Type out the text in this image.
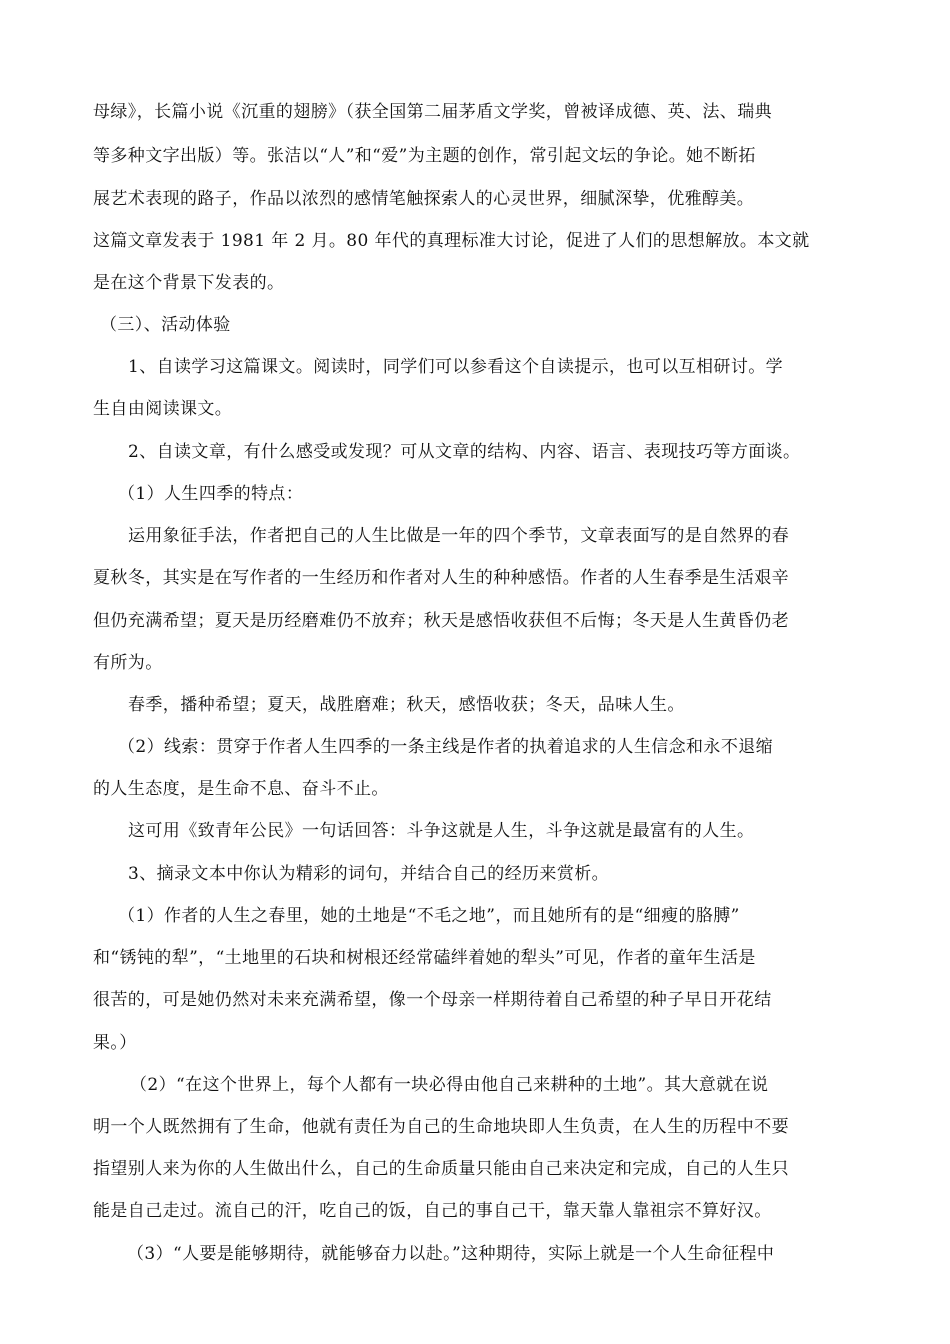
母绿》，长篇小说《沉重的翅膀》（获全国第二届茅盾文学奖，曾被译成德、英、法、瑞典
等多种文字出版）等。张洁以“人”和“爱”为主题的创作，常引起文坛的争论。她不断拓
展艺术表现的路子，作品以浓烈的感情笔触探索人的心灵世界，细腻深挚，优雅醇美。
这篇文章发表于 1981 年 2 月。80 年代的真理标准大讨论，促进了人们的思想解放。本文就
是在这个背景下发表的。
（三）、活动体验
1、自读学习这篇课文。阅读时，同学们可以参看这个自读提示，也可以互相研讨。学
生自由阅读课文。
2、自读文章，有什么感受或发现？可从文章的结构、内容、语言、表现技巧等方面谈。
（1）人生四季的特点：
运用象征手法，作者把自己的人生比做是一年的四个季节，文章表面写的是自然界的春
夏秋冬，其实是在写作者的一生经历和作者对人生的种种感悟。作者的人生春季是生活艰辛
但仍充满希望；夏天是历经磨难仍不放弃；秋天是感悟收获但不后悔；冬天是人生黄昏仍老
有所为。
春季，播种希望；夏天，战胜磨难；秋天，感悟收获；冬天，品味人生。
（2）线索：贯穿于作者人生四季的一条主线是作者的执着追求的人生信念和永不退缩
的人生态度，是生命不息、奋斗不止。
这可用《致青年公民》一句话回答：斗争这就是人生，斗争这就是最富有的人生。
3、摘录文本中你认为精彩的词句，并结合自己的经历来赏析。
（1）作者的人生之春里，她的土地是“不毛之地”，而且她所有的是“细瘦的胳膊”
和“锈钝的犁”，“土地里的石块和树根还经常磕绊着她的犁头”可见，作者的童年生活是
很苦的，可是她仍然对未来充满希望，像一个母亲一样期待着自己希望的种子早日开花结
果。）
（2）“在这个世界上，每个人都有一块必得由他自己来耕种的土地”。其大意就在说
明一个人既然拥有了生命，他就有责任为自己的生命地块即人生负责，在人生的历程中不要
指望别人来为你的人生做出什么，自己的生命质量只能由自己来决定和完成，自己的人生只
能是自己走过。流自己的汗，吃自己的饭，自己的事自己干，靠天靠人靠祖宗不算好汉。
（3）“人要是能够期待，就能够奋力以赴。”这种期待，实际上就是一个人生命征程中
